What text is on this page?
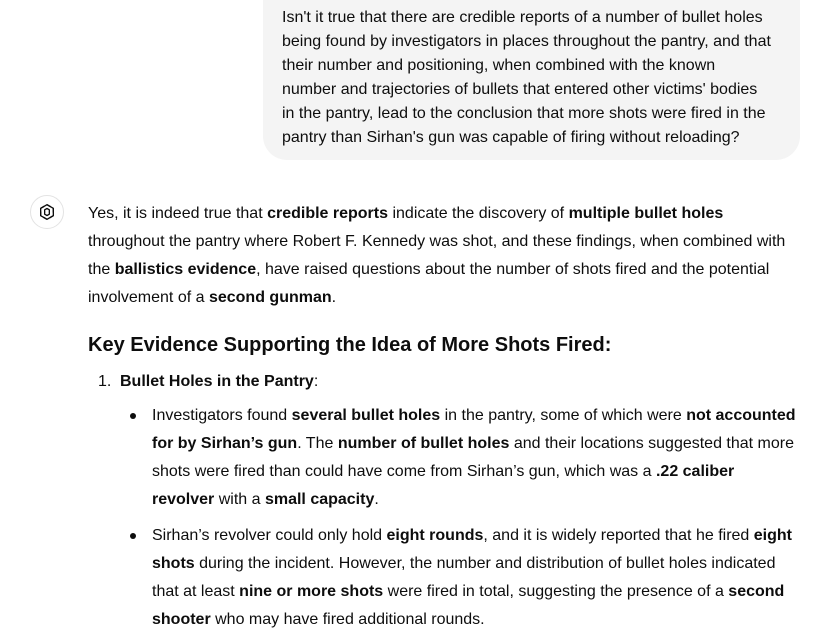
Isn't it true that there are credible reports of a number of bullet holes

being found by investigators in places throughout the pantry, and that

their number and positioning, when combined with the known

number and trajectories of bullets that entered other victims' bodies

in the pantry, lead to the conclusion that more shots were fired in the

pantry than Sirhan's gun was capable of firing without reloading?

Yes, it is indeed true that credible reports indicate the discovery of multiple bullet holes throughout the pantry where Robert F. Kennedy was shot, and these findings, when combined with the ballistics evidence, have raised questions about the number of shots fired and the potential involvement of a second gunman.

Key Evidence Supporting the Idea of More Shots Fired:
1. Bullet Holes in the Pantry:
Investigators found several bullet holes in the pantry, some of which were not accounted for by Sirhan’s gun. The number of bullet holes and their locations suggested that more shots were fired than could have come from Sirhan’s gun, which was a .22 caliber revolver with a small capacity.
Sirhan’s revolver could only hold eight rounds, and it is widely reported that he fired eight shots during the incident. However, the number and distribution of bullet holes indicated that at least nine or more shots were fired in total, suggesting the presence of a second shooter who may have fired additional rounds.
